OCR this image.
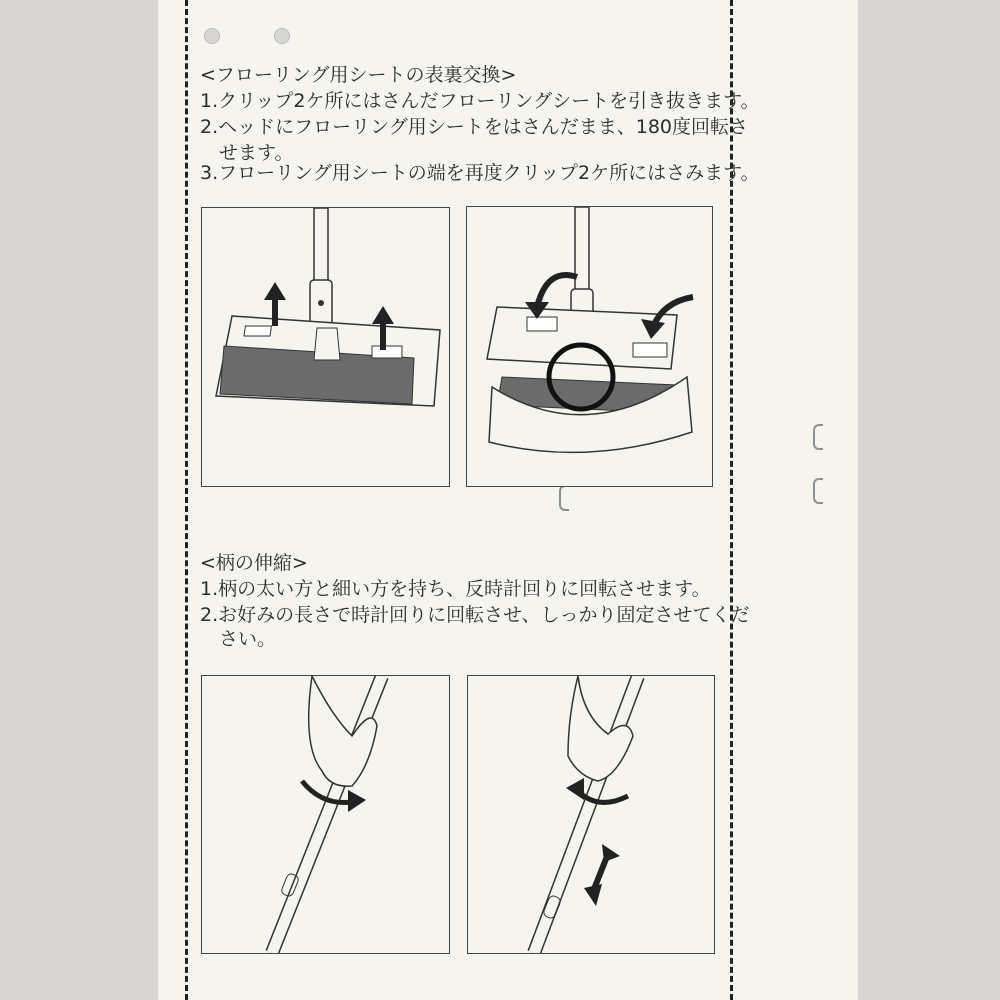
<フローリング用シートの表裏交換>
1.クリップ2ケ所にはさんだフローリングシートを引き抜きます。
2.ヘッドにフローリング用シートをはさんだまま、180度回転さ
　せます。
3.フローリング用シートの端を再度クリップ2ケ所にはさみます。
<柄の伸縮>
1.柄の太い方と細い方を持ち、反時計回りに回転させます。
2.お好みの長さで時計回りに回転させ、しっかり固定させてくだ
　さい。
